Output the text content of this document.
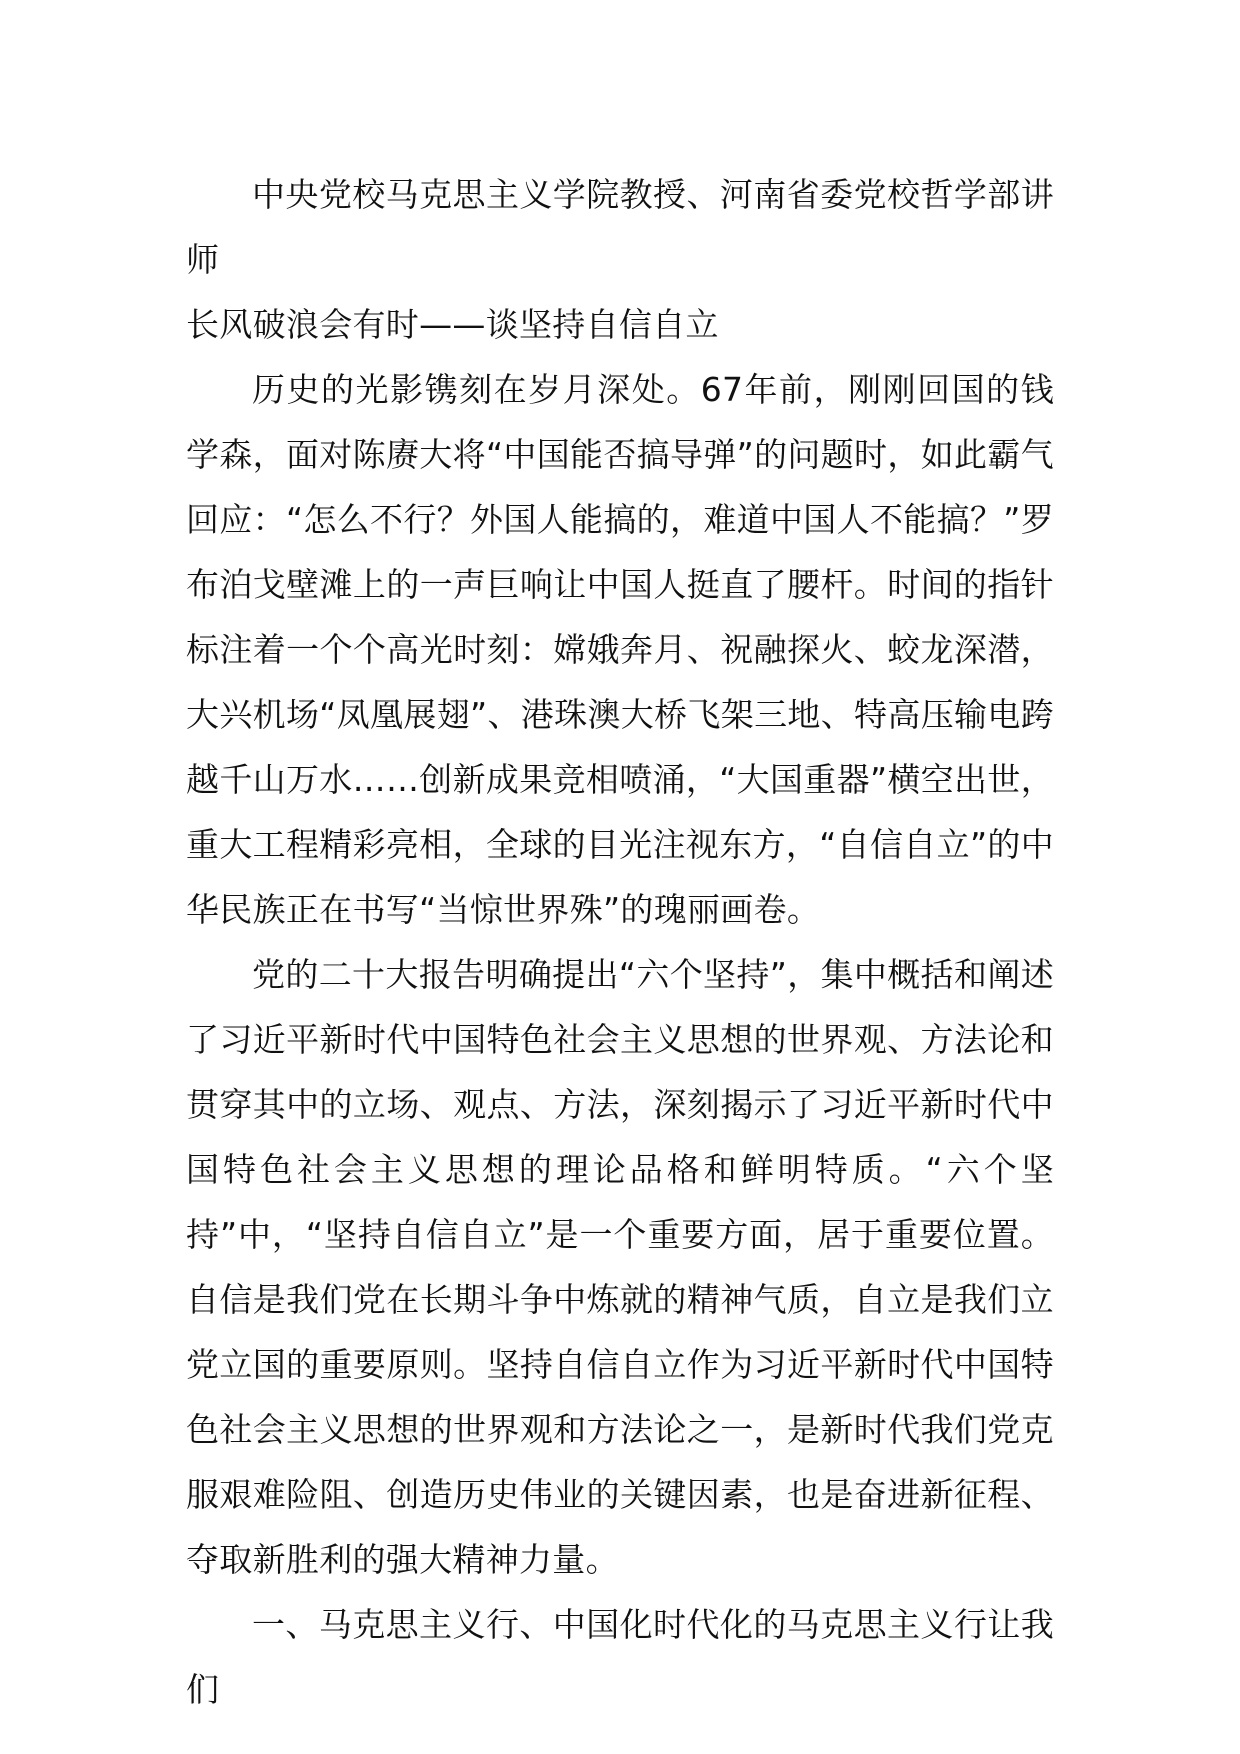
中央党校马克思主义学院教授、河南省委党校哲学部讲师

长风破浪会有时——谈坚持自信自立

历史的光影镌刻在岁月深处。67年前，刚刚回国的钱学森，面对陈赓大将“中国能否搞导弹”的问题时，如此霸气回应：“怎么不行？外国人能搞的，难道中国人不能搞？”罗布泊戈壁滩上的一声巨响让中国人挺直了腰杆。时间的指针标注着一个个高光时刻：嫦娥奔月、祝融探火、蛟龙深潜，大兴机场“凤凰展翅”、港珠澳大桥飞架三地、特高压输电跨越千山万水……创新成果竞相喷涌，“大国重器”横空出世，重大工程精彩亮相，全球的目光注视东方，“自信自立”的中华民族正在书写“当惊世界殊”的瑰丽画卷。

党的二十大报告明确提出“六个坚持”，集中概括和阐述了习近平新时代中国特色社会主义思想的世界观、方法论和贯穿其中的立场、观点、方法，深刻揭示了习近平新时代中国特色社会主义思想的理论品格和鲜明特质。“六个坚持”中，“坚持自信自立”是一个重要方面，居于重要位置。自信是我们党在长期斗争中炼就的精神气质，自立是我们立党立国的重要原则。坚持自信自立作为习近平新时代中国特色社会主义思想的世界观和方法论之一，是新时代我们党克服艰难险阻、创造历史伟业的关键因素，也是奋进新征程、夺取新胜利的强大精神力量。

一、马克思主义行、中国化时代化的马克思主义行让我们
